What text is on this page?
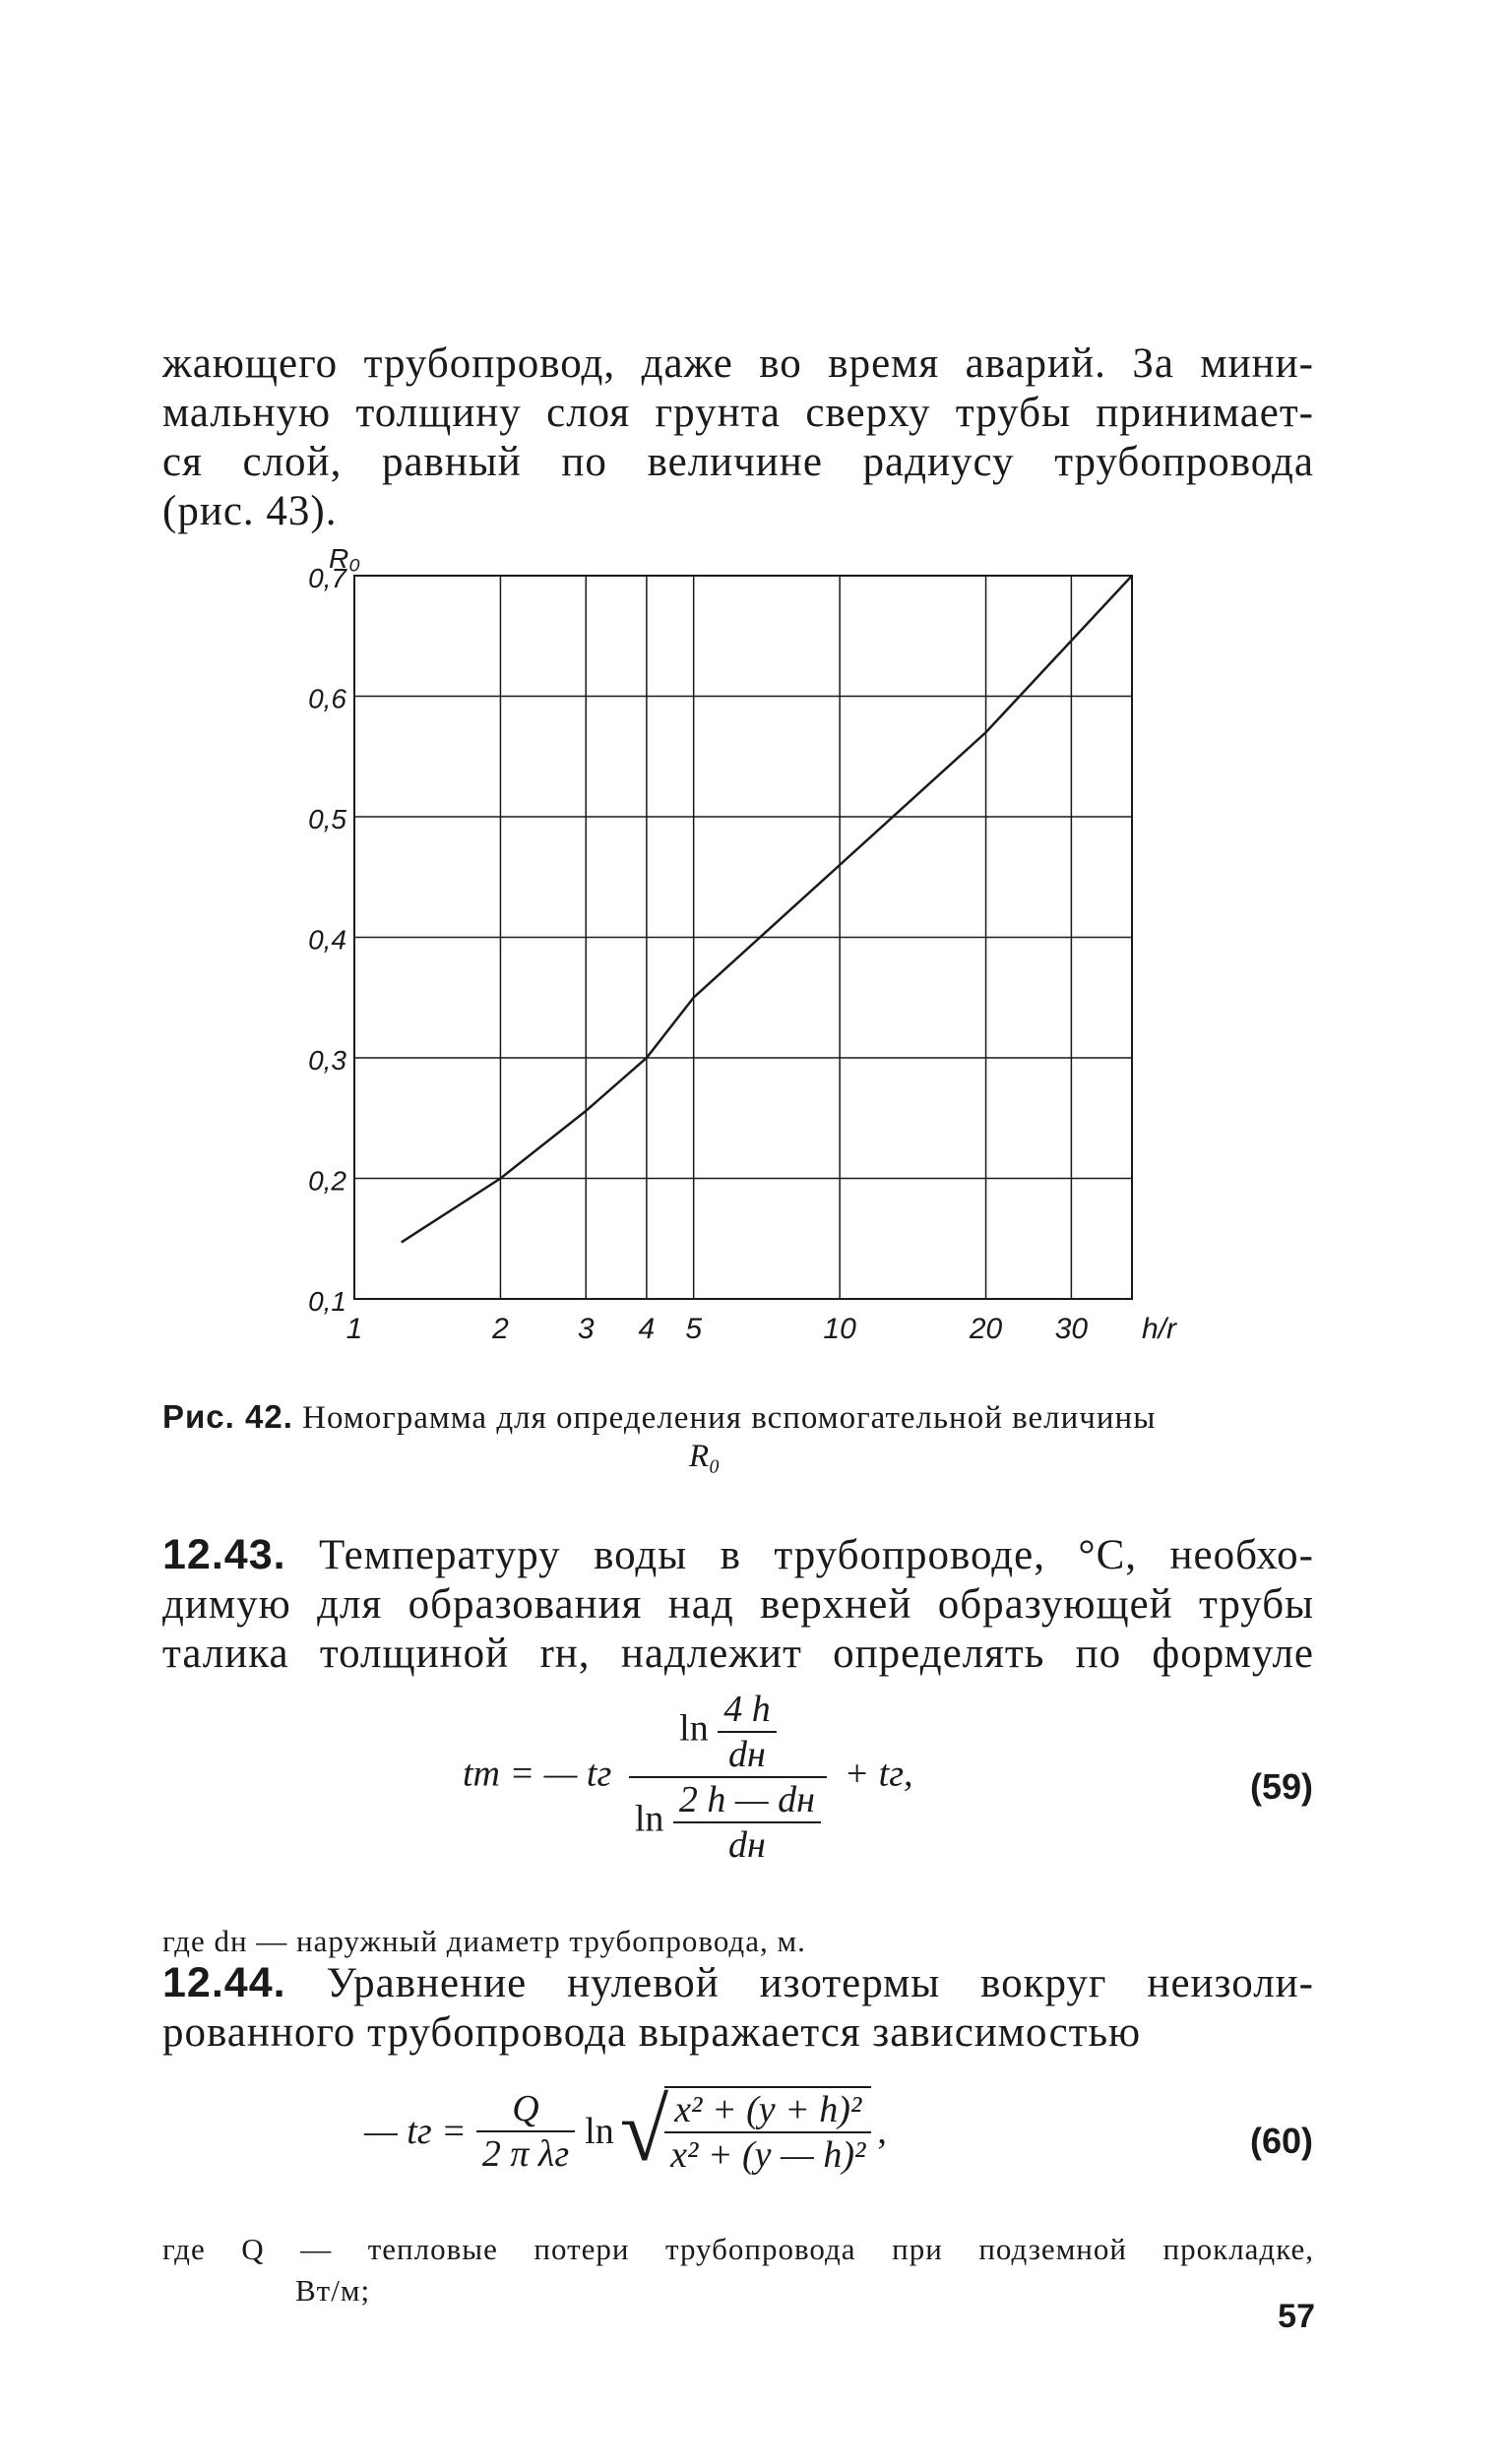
жающего трубопровод, даже во время аварий. За мини-
мальную толщину слоя грунта сверху трубы принимает-
ся слой, равный по величине радиусу трубопровода
(рис. 43).
0,1
0,2
0,3
0,4
0,5
0,6
0,7
1	2 3 4 5	10	20 30
R₀
h/r
Рис. 42. Номограмма для определения вспомогательной величины
R₀
12.43. Температуру воды в трубопроводе, °С, необхо-
димую для образования над верхней образующей трубы
талика толщиной rн, надлежит определять по формуле
tт = — tг $\frac{\ln \frac{4 h}{dн}}{\ln \frac{2 h — dн}{dн}}$ + tг,	(59)
где dн — наружный диаметр трубопровода, м.
12.44. Уравнение нулевой изотермы вокруг неизоли-
рованного трубопровода выражается зависимостью
— tг = $\frac{Q}{\text{2 π λг}}$ ln √
$\frac{\text{x² + (y + h)²}}{\text{x² + (y — h)²}}$ ,	(60)
где Q — тепловые потери трубопровода при подземной прокладке,
Вт/м;
57
